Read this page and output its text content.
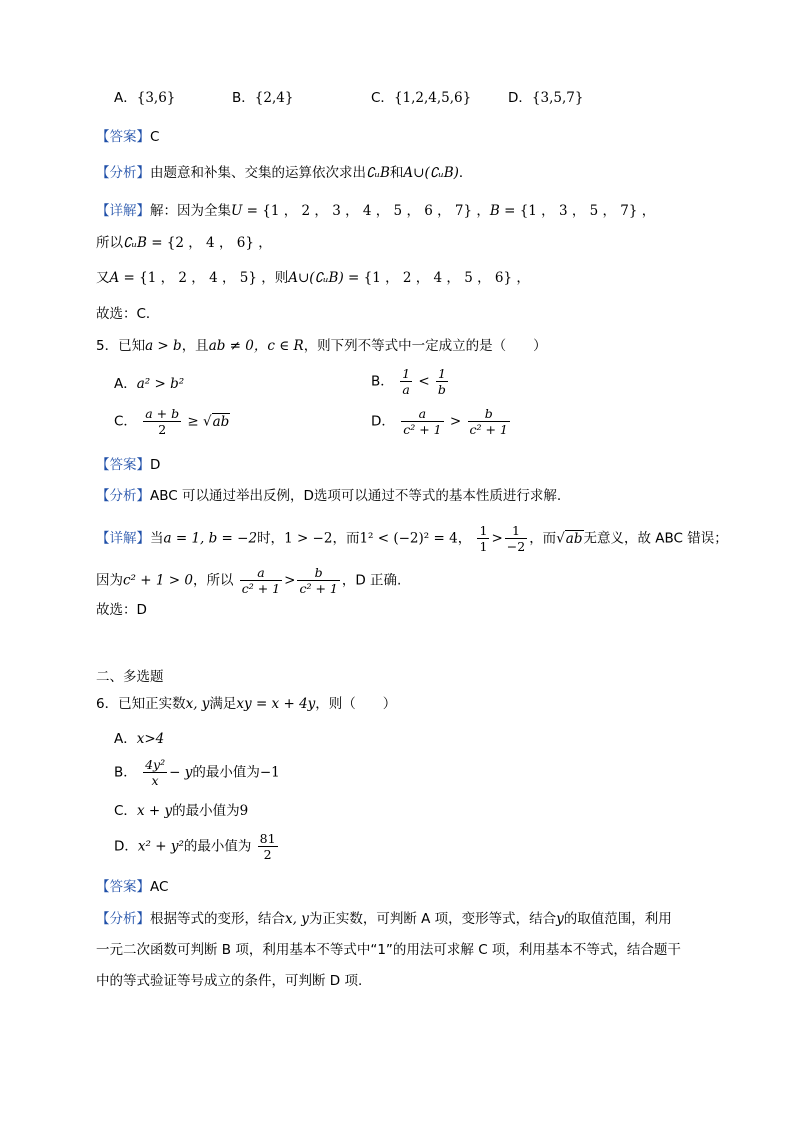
A．{3,6}	B．{2,4}	C．{1,2,4,5,6}	D．{3,5,7}
【答案】C
【分析】由题意和补集、交集的运算依次求出∁ᵤB和A∪(∁ᵤB)．
【详解】解：因为全集U = {1 ， 2 ， 3 ， 4 ， 5 ， 6 ， 7} ，B = {1 ， 3 ， 5 ， 7} ，
所以∁ᵤB = {2 ， 4 ， 6} ，
又A = {1 ， 2 ， 4 ， 5} ，则A∪(∁ᵤB) = {1 ， 2 ， 4 ， 5 ， 6} ，
故选：C．
5．已知a > b，且ab ≠ 0，c ∈ R，则下列不等式中一定成立的是（　　）
A．a² > b²	B． $\frac{1}{a} < \frac{1}{b}$
C． $\frac{a + b}{2} \ge √ab$	D． $\frac{a}{\text{c² + 1}} > \frac{b}{\text{c² + 1}}$
【答案】D
【分析】ABC 可以通过举出反例，D选项可以通过不等式的基本性质进行求解.
【详解】当a = 1, b = −2时，1 > −2，而1² < (−2)² = 4， $\frac{1}{1} > \frac{1}{-2}$ ，而√ab无意义，故 ABC 错误；
因为c² + 1 > 0，所以 $\frac{a}{\text{c² + 1}} > \frac{b}{\text{c² + 1}}$ ，D 正确.
故选：D
二、多选题
6．已知正实数x, y满足xy = x + 4y，则（　　）
A．x>4
B． $\frac{\text{4y²}}{x} - y$的最小值为−1
C．x + y的最小值为9
D．x² + y²的最小值为 $\frac{81}{2}$
【答案】AC
【分析】根据等式的变形，结合x, y为正实数，可判断 A 项，变形等式，结合y的取值范围，利用
一元二次函数可判断 B 项，利用基本不等式中“1”的用法可求解 C 项，利用基本不等式，结合题干
中的等式验证等号成立的条件，可判断 D 项.
